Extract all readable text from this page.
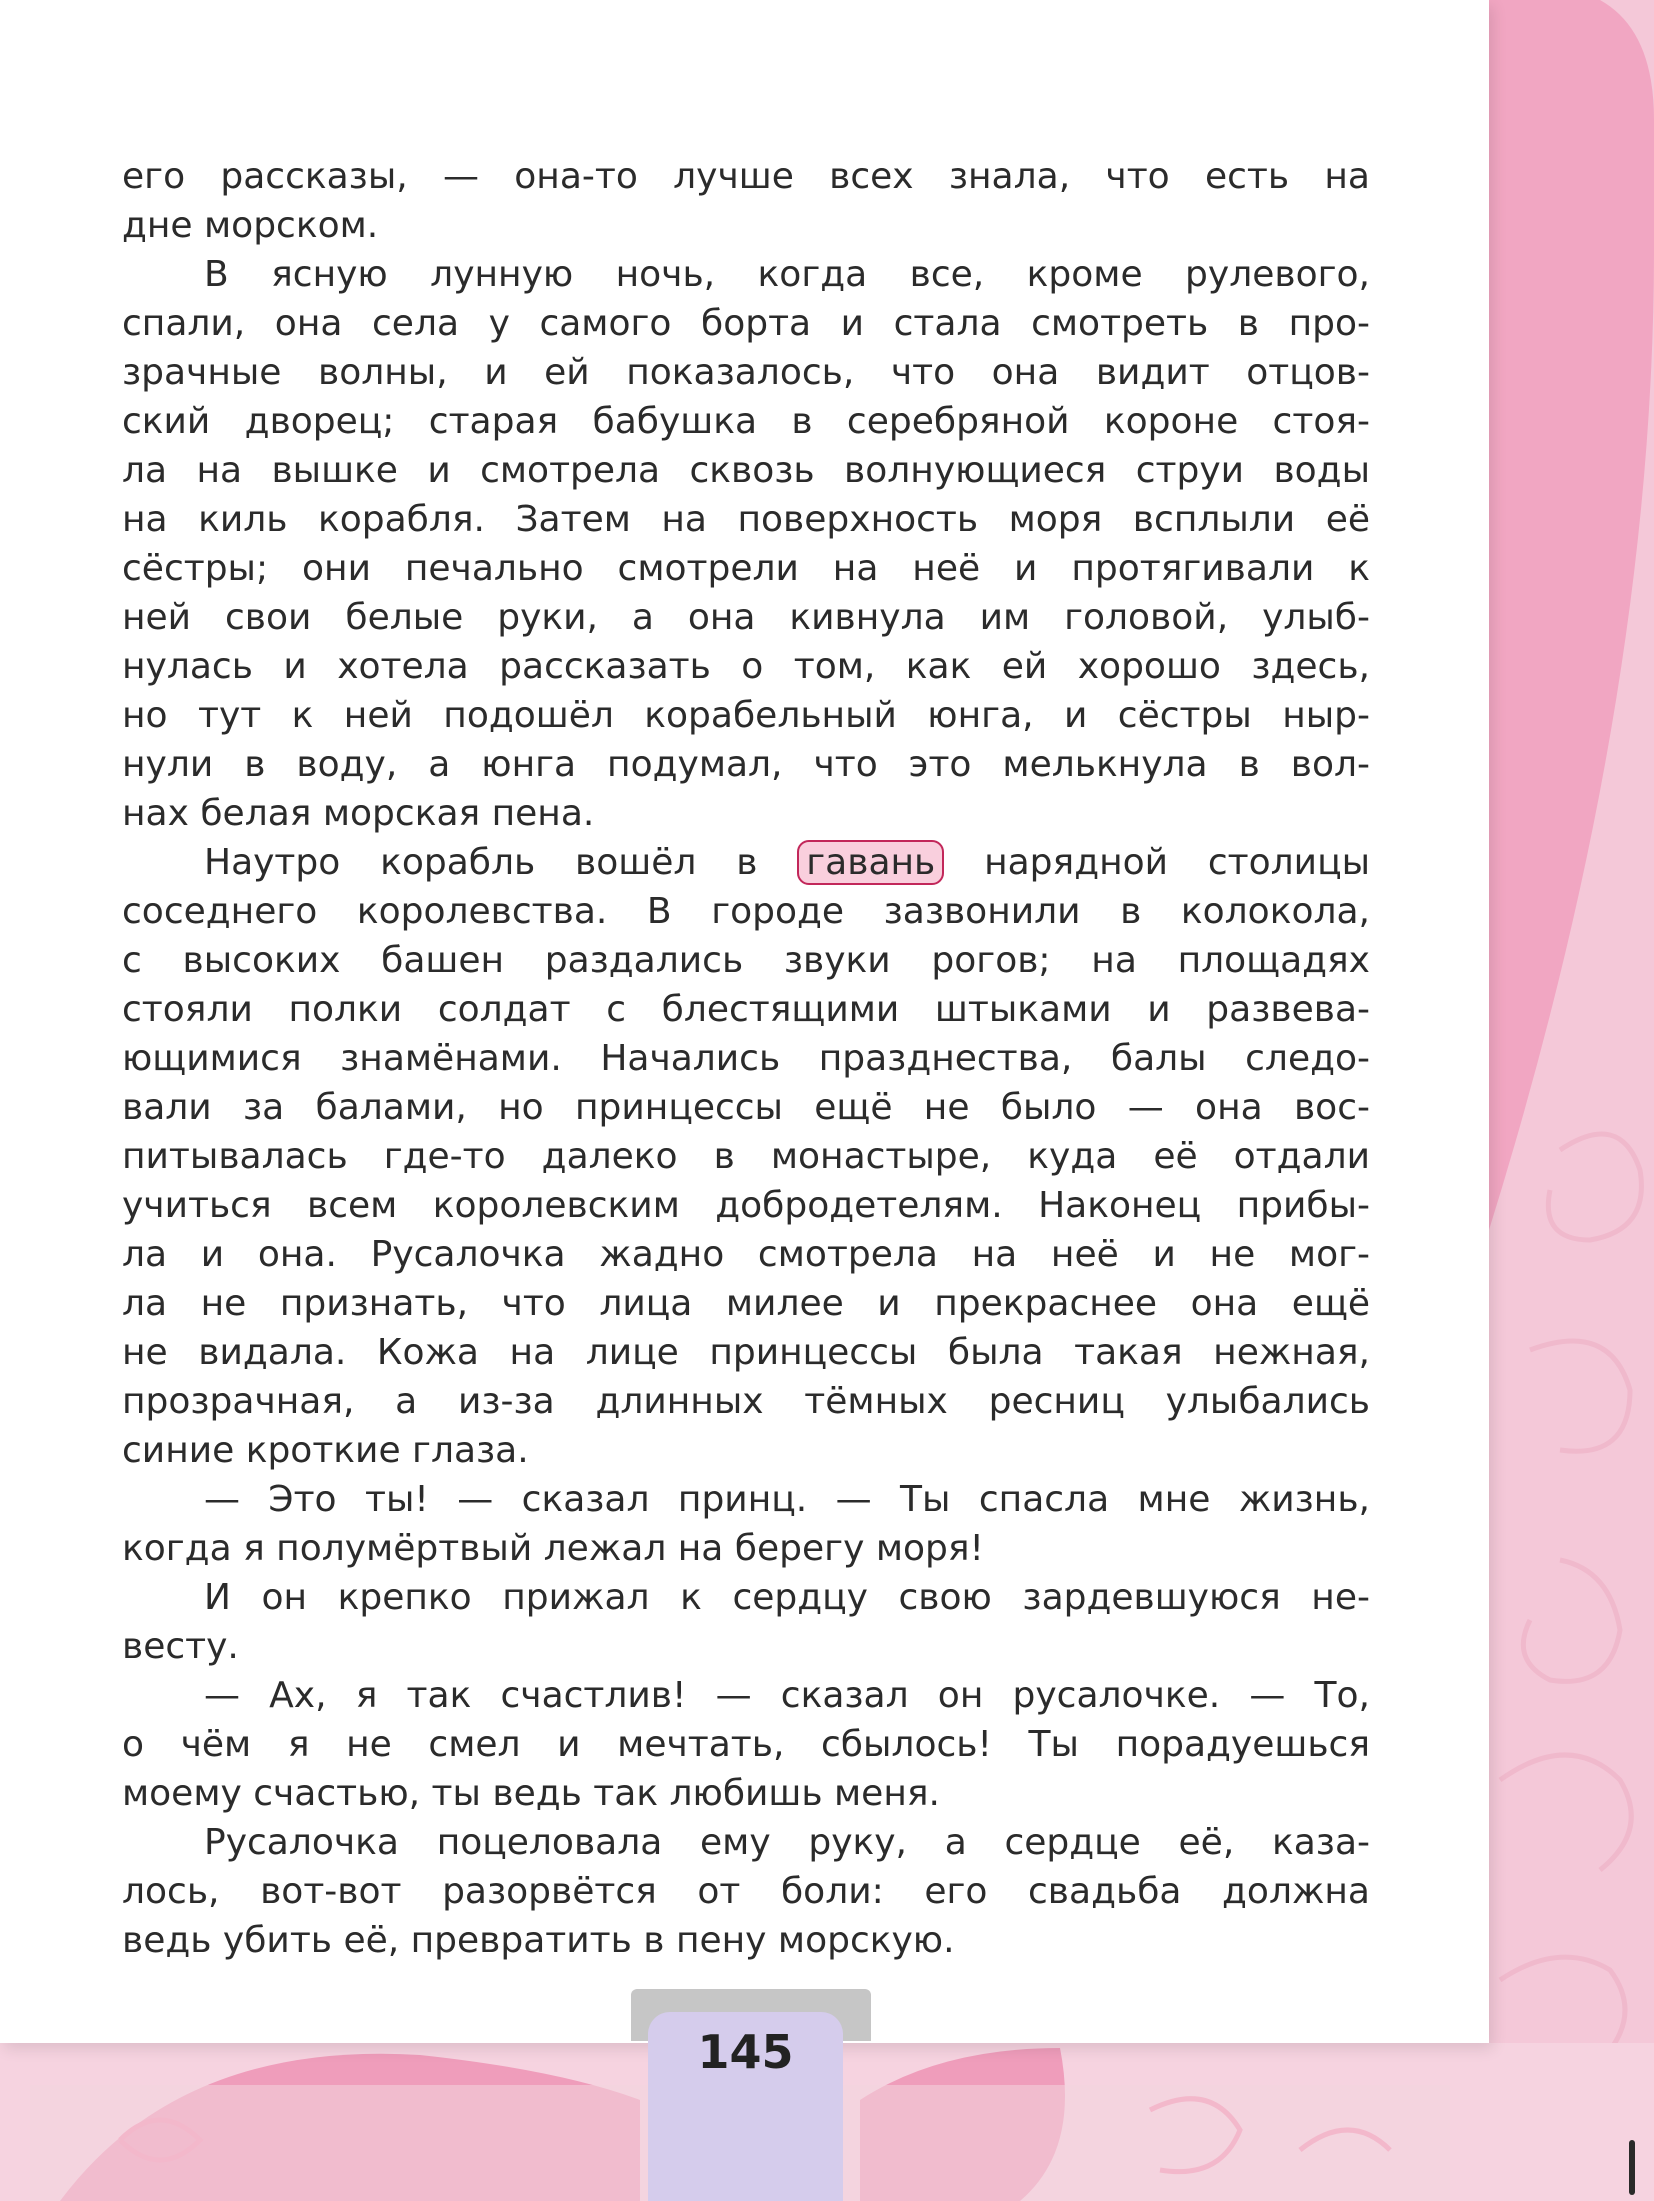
его рассказы, — она-то лучше всех знала, что есть на
дне морском.
В ясную лунную ночь, когда все, кроме рулевого,
спали, она села у самого борта и стала смотреть в про-
зрачные волны, и ей показалось, что она видит отцов-
ский дворец; старая бабушка в серебряной короне стоя-
ла на вышке и смотрела сквозь волнующиеся струи воды
на киль корабля. Затем на поверхность моря всплыли её
сёстры; они печально смотрели на неё и протягивали к
ней свои белые руки, а она кивнула им головой, улыб-
нулась и хотела рассказать о том, как ей хорошо здесь,
но тут к ней подошёл корабельный юнга, и сёстры ныр-
нули в воду, а юнга подумал, что это мелькнула в вол-
нах белая морская пена.
Наутро корабль вошёл в гавань нарядной столицы
соседнего королевства. В городе зазвонили в колокола,
с высоких башен раздались звуки рогов; на площадях
стояли полки солдат с блестящими штыками и развева-
ющимися знамёнами. Начались празднества, балы следо-
вали за балами, но принцессы ещё не было — она вос-
питывалась где-то далеко в монастыре, куда её отдали
учиться всем королевским добродетелям. Наконец прибы-
ла и она. Русалочка жадно смотрела на неё и не мог-
ла не признать, что лица милее и прекраснее она ещё
не видала. Кожа на лице принцессы была такая нежная,
прозрачная, а из-за длинных тёмных ресниц улыбались
синие кроткие глаза.
— Это ты! — сказал принц. — Ты спасла мне жизнь,
когда я полумёртвый лежал на берегу моря!
И он крепко прижал к сердцу свою зардевшуюся не-
весту.
— Ах, я так счастлив! — сказал он русалочке. — То,
о чём я не смел и мечтать, сбылось! Ты порадуешься
моему счастью, ты ведь так любишь меня.
Русалочка поцеловала ему руку, а сердце её, каза-
лось, вот-вот разорвётся от боли: его свадьба должна
ведь убить её, превратить в пену морскую.
145
